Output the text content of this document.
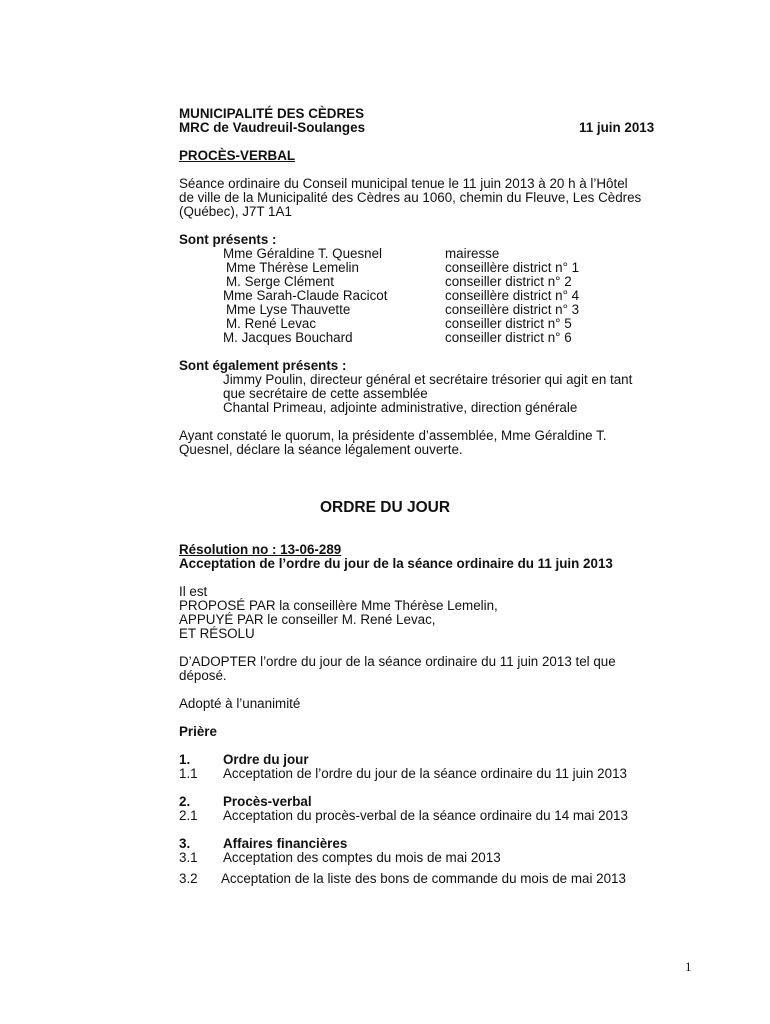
MUNICIPALITÉ DES CÈDRES
MRC de Vaudreuil-Soulanges	11 juin 2013
PROCÈS-VERBAL
Séance ordinaire du Conseil municipal tenue le 11 juin 2013 à 20 h à l’Hôtel
de ville de la Municipalité des Cèdres au 1060, chemin du Fleuve, Les Cèdres
(Québec), J7T 1A1
Sont présents :
Mme Géraldine T. Quesnel	mairesse
Mme Thérèse Lemelin	conseillère district n° 1
M. Serge Clément	conseiller district n° 2
Mme Sarah-Claude Racicot	conseillère district n° 4
Mme Lyse Thauvette	conseillère district n° 3
M. René Levac	conseiller district n° 5
M. Jacques Bouchard	conseiller district n° 6
Sont également présents :
Jimmy Poulin, directeur général et secrétaire trésorier qui agit en tant
que secrétaire de cette assemblée
Chantal Primeau, adjointe administrative, direction générale
Ayant constaté le quorum, la présidente d’assemblée, Mme Géraldine T.
Quesnel, déclare la séance légalement ouverte.
ORDRE DU JOUR
Résolution no : 13-06-289
Acceptation de l’ordre du jour de la séance ordinaire du 11 juin 2013
Il est
PROPOSÉ PAR la conseillère Mme Thérèse Lemelin,
APPUYÉ PAR le conseiller M. René Levac,
ET RÉSOLU
D’ADOPTER l’ordre du jour de la séance ordinaire du 11 juin 2013 tel que
déposé.
Adopté à l’unanimité
Prière
1. Ordre du jour
1.1 Acceptation de l’ordre du jour de la séance ordinaire du 11 juin 2013
2. Procès-verbal
2.1 Acceptation du procès-verbal de la séance ordinaire du 14 mai 2013
3. Affaires financières
3.1 Acceptation des comptes du mois de mai 2013
3.2 Acceptation de la liste des bons de commande du mois de mai 2013
1
